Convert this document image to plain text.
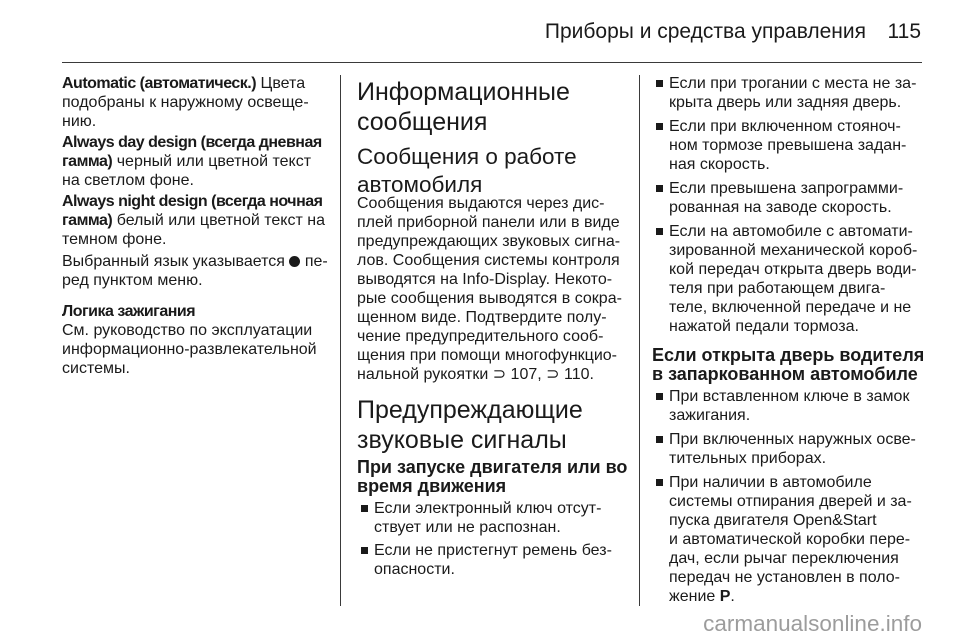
Приборы и средства управления 115
Automatic (автоматическ.) Цвета
подобраны к наружному освеще-
нию.
Always day design (всегда дневная
гамма) черный или цветной текст
на светлом фоне.
Always night design (всегда ночная
гамма) белый или цветной текст на
темном фоне.
Выбранный язык указывается пе-
ред пунктом меню.
Логика зажигания
См. руководство по эксплуатации
информационно-развлекательной
системы.
Информационные
сообщения
Сообщения о работе
автомобиля
Сообщения выдаются через дис-
плей приборной панели или в виде
предупреждающих звуковых сигна-
лов. Сообщения системы контроля
выводятся на Info-Display. Некото-
рые сообщения выводятся в сокра-
щенном виде. Подтвердите полу-
чение предупредительного сооб-
щения при помощи многофункцио-
нальной рукоятки ⊃ 107, ⊃ 110.
Предупреждающие
звуковые сигналы
При запуске двигателя или во
время движения
Если электронный ключ отсут-
ствует или не распознан.
Если не пристегнут ремень без-
опасности.
Если при трогании с места не за-
крыта дверь или задняя дверь.
Если при включенном стояноч-
ном тормозе превышена задан-
ная скорость.
Если превышена запрограмми-
рованная на заводе скорость.
Если на автомобиле с автомати-
зированной механической короб-
кой передач открыта дверь води-
теля при работающем двига-
теле, включенной передаче и не
нажатой педали тормоза.
Если открыта дверь водителя
в запаркованном автомобиле
При вставленном ключе в замок
зажигания.
При включенных наружных осве-
тительных приборах.
При наличии в автомобиле
системы отпирания дверей и за-
пуска двигателя Open&Start
и автоматической коробки пере-
дач, если рычаг переключения
передач не установлен в поло-
жение P.
carmanualsonline.info
